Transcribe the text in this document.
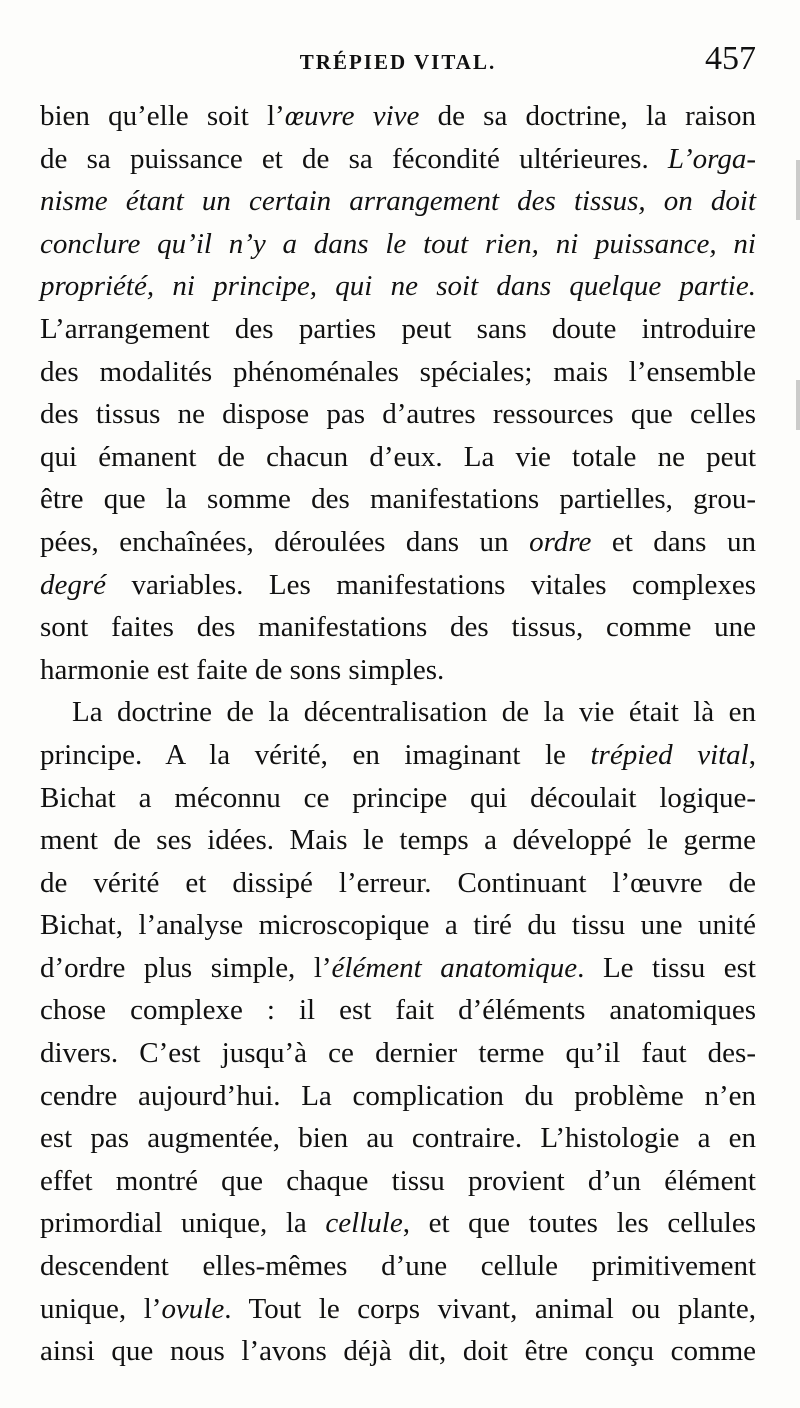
TRÉPIED VITAL.	457
bien qu’elle soit l’œuvre vive de sa doctrine, la raison
de sa puissance et de sa fécondité ultérieures. L’orga-
nisme étant un certain arrangement des tissus, on doit
conclure qu’il n’y a dans le tout rien, ni puissance, ni
propriété, ni principe, qui ne soit dans quelque partie.
L’arrangement des parties peut sans doute introduire
des modalités phénoménales spéciales; mais l’ensemble
des tissus ne dispose pas d’autres ressources que celles
qui émanent de chacun d’eux. La vie totale ne peut
être que la somme des manifestations partielles, grou-
pées, enchaînées, déroulées dans un ordre et dans un
degré variables. Les manifestations vitales complexes
sont faites des manifestations des tissus, comme une
harmonie est faite de sons simples.
La doctrine de la décentralisation de la vie était là en
principe. A la vérité, en imaginant le trépied vital,
Bichat a méconnu ce principe qui découlait logique-
ment de ses idées. Mais le temps a développé le germe
de vérité et dissipé l’erreur. Continuant l’œuvre de
Bichat, l’analyse microscopique a tiré du tissu une unité
d’ordre plus simple, l’élément anatomique. Le tissu est
chose complexe : il est fait d’éléments anatomiques
divers. C’est jusqu’à ce dernier terme qu’il faut des-
cendre aujourd’hui. La complication du problème n’en
est pas augmentée, bien au contraire. L’histologie a en
effet montré que chaque tissu provient d’un élément
primordial unique, la cellule, et que toutes les cellules
descendent elles-mêmes d’une cellule primitivement
unique, l’ovule. Tout le corps vivant, animal ou plante,
ainsi que nous l’avons déjà dit, doit être conçu comme
